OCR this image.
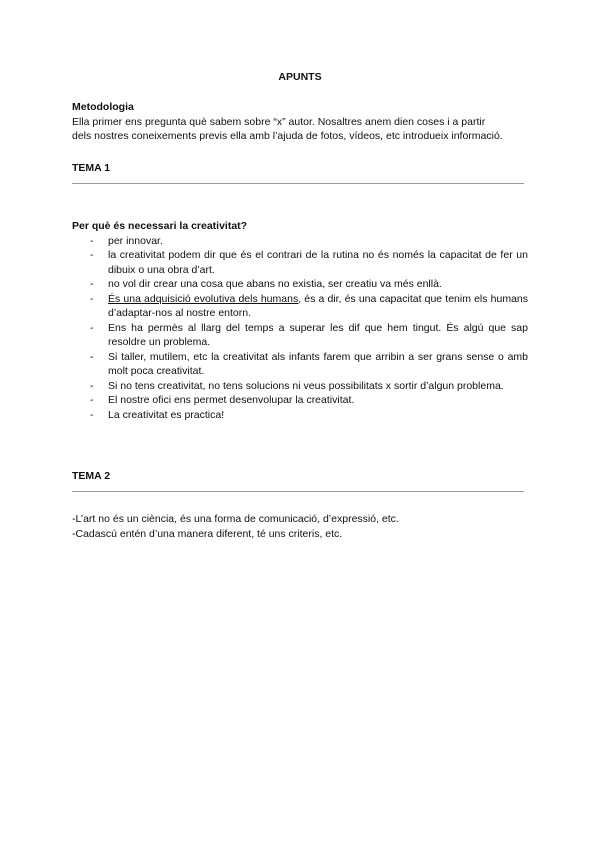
APUNTS
Metodologia
Ella primer ens pregunta què sabem sobre “x” autor. Nosaltres anem dien coses i a partir
dels nostres coneixements previs ella amb l’ajuda de fotos, vídeos, etc introdueix informació.
TEMA 1
Per què és necessari la creativitat?
- per innovar.
- la creativitat podem dir que és el contrari de la rutina no és només la capacitat de fer un dibuix o una obra d’art.
- no vol dir crear una cosa que abans no existia, ser creatiu va més enllà.
- És una adquisició evolutiva dels humans, és a dir, és una capacitat que tenim els humans d’adaptar-nos al nostre entorn.
- Ens ha permès al llarg del temps a superar les dif que hem tingut. És algú que sap resoldre un problema.
- Si taller, mutilem, etc la creativitat als infants farem que arribin a ser grans sense o amb molt poca creativitat.
- Si no tens creativitat, no tens solucions ni veus possibilitats x sortir d’algun problema.
- El nostre ofici ens permet desenvolupar la creativitat.
- La creativitat es practica!
TEMA 2
-L’art no és un ciència, és una forma de comunicació, d’expressió, etc.
-Cadascú entén d’una manera diferent, té uns criteris, etc.
